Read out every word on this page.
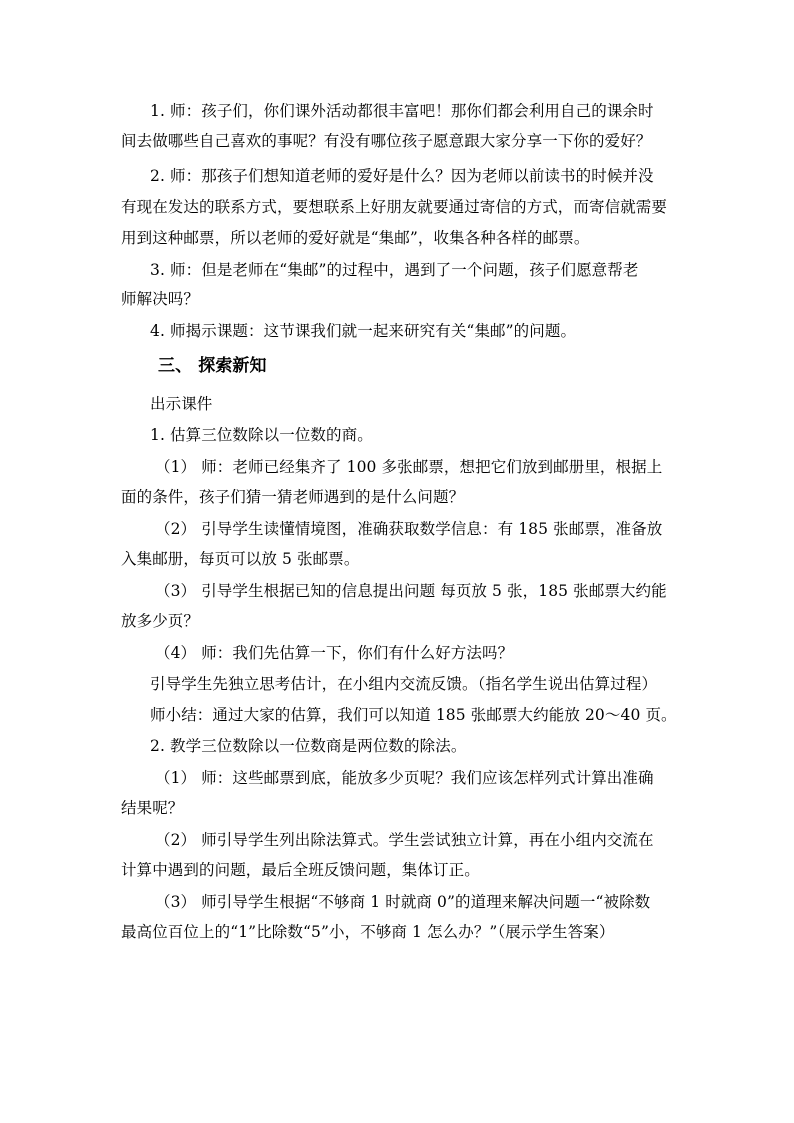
1. 师：孩子们，你们课外活动都很丰富吧！那你们都会利用自己的课余时
间去做哪些自己喜欢的事呢？有没有哪位孩子愿意跟大家分享一下你的爱好？
2. 师：那孩子们想知道老师的爱好是什么？因为老师以前读书的时候并没
有现在发达的联系方式，要想联系上好朋友就要通过寄信的方式，而寄信就需要
用到这种邮票，所以老师的爱好就是“集邮”，收集各种各样的邮票。
3. 师：但是老师在“集邮”的过程中，遇到了一个问题，孩子们愿意帮老
师解决吗？
4. 师揭示课题：这节课我们就一起来研究有关“集邮”的问题。
三、 探索新知
出示课件
1. 估算三位数除以一位数的商。
（1） 师：老师已经集齐了 100 多张邮票，想把它们放到邮册里，根据上
面的条件，孩子们猜一猜老师遇到的是什么问题？
（2） 引导学生读懂情境图，准确获取数学信息：有 185 张邮票，准备放
入集邮册，每页可以放 5 张邮票。
（3） 引导学生根据已知的信息提出问题 每页放 5 张，185 张邮票大约能
放多少页？
（4） 师：我们先估算一下，你们有什么好方法吗？
引导学生先独立思考估计，在小组内交流反馈。（指名学生说出估算过程）
师小结：通过大家的估算，我们可以知道 185 张邮票大约能放 20～40 页。
2. 教学三位数除以一位数商是两位数的除法。
（1） 师：这些邮票到底，能放多少页呢？我们应该怎样列式计算出准确
结果呢？
（2） 师引导学生列出除法算式。学生尝试独立计算，再在小组内交流在
计算中遇到的问题，最后全班反馈问题，集体订正。
（3） 师引导学生根据“不够商 1 时就商 0”的道理来解决问题一“被除数
最高位百位上的“1”比除数“5”小，不够商 1 怎么办？”（展示学生答案）
